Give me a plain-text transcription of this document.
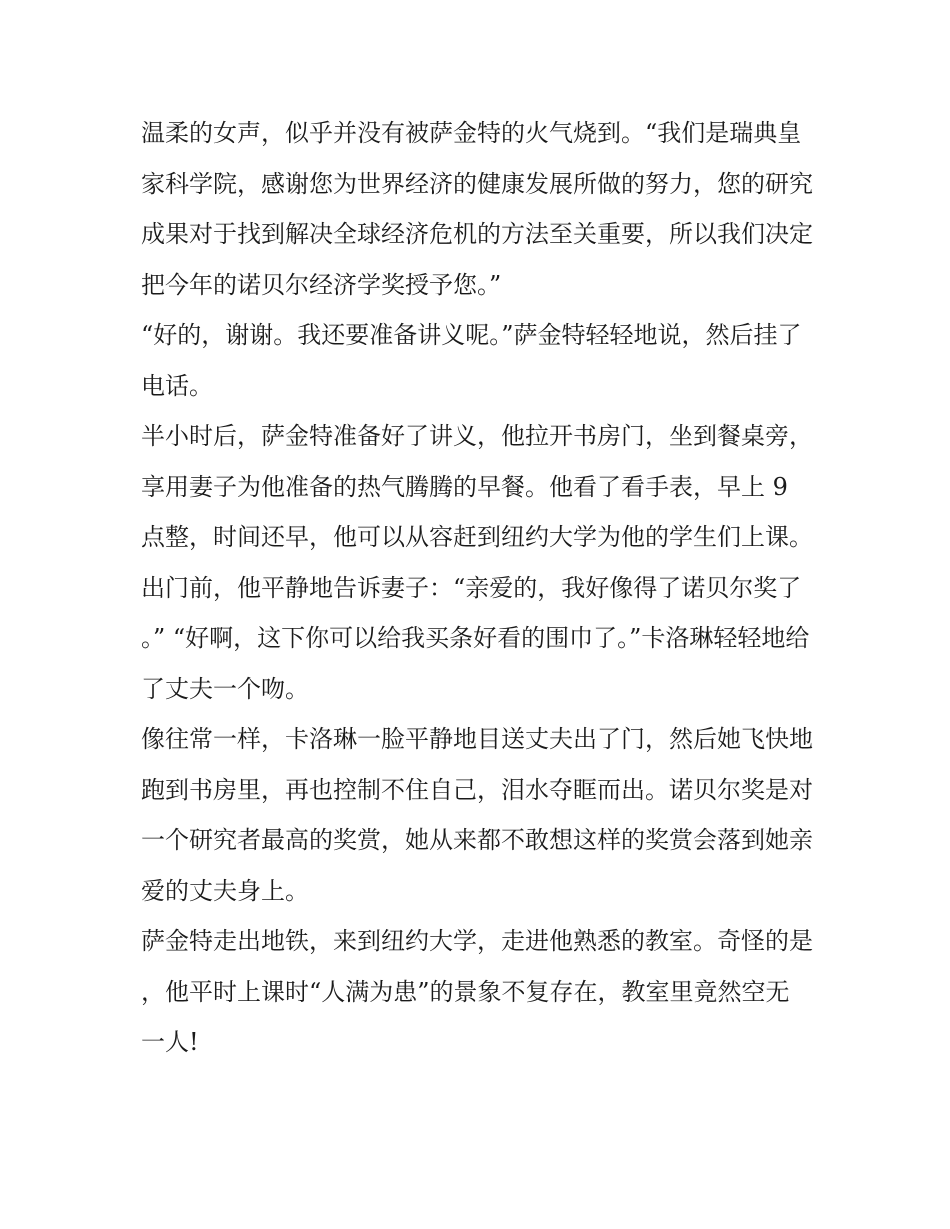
温柔的女声，似乎并没有被萨金特的火气烧到。“我们是瑞典皇家科学院，感谢您为世界经济的健康发展所做的努力，您的研究成果对于找到解决全球经济危机的方法至关重要，所以我们决定把今年的诺贝尔经济学奖授予您。”

“好的，谢谢。我还要准备讲义呢。”萨金特轻轻地说，然后挂了电话。

半小时后，萨金特准备好了讲义，他拉开书房门，坐到餐桌旁，享用妻子为他准备的热气腾腾的早餐。他看了看手表，早上 9 点整，时间还早，他可以从容赶到纽约大学为他的学生们上课。

出门前，他平静地告诉妻子：“亲爱的，我好像得了诺贝尔奖了。” “好啊，这下你可以给我买条好看的围巾了。”卡洛琳轻轻地给了丈夫一个吻。

像往常一样，卡洛琳一脸平静地目送丈夫出了门，然后她飞快地跑到书房里，再也控制不住自己，泪水夺眶而出。诺贝尔奖是对一个研究者最高的奖赏，她从来都不敢想这样的奖赏会落到她亲爱的丈夫身上。

萨金特走出地铁，来到纽约大学，走进他熟悉的教室。奇怪的是，他平时上课时“人满为患”的景象不复存在，教室里竟然空无一人!
